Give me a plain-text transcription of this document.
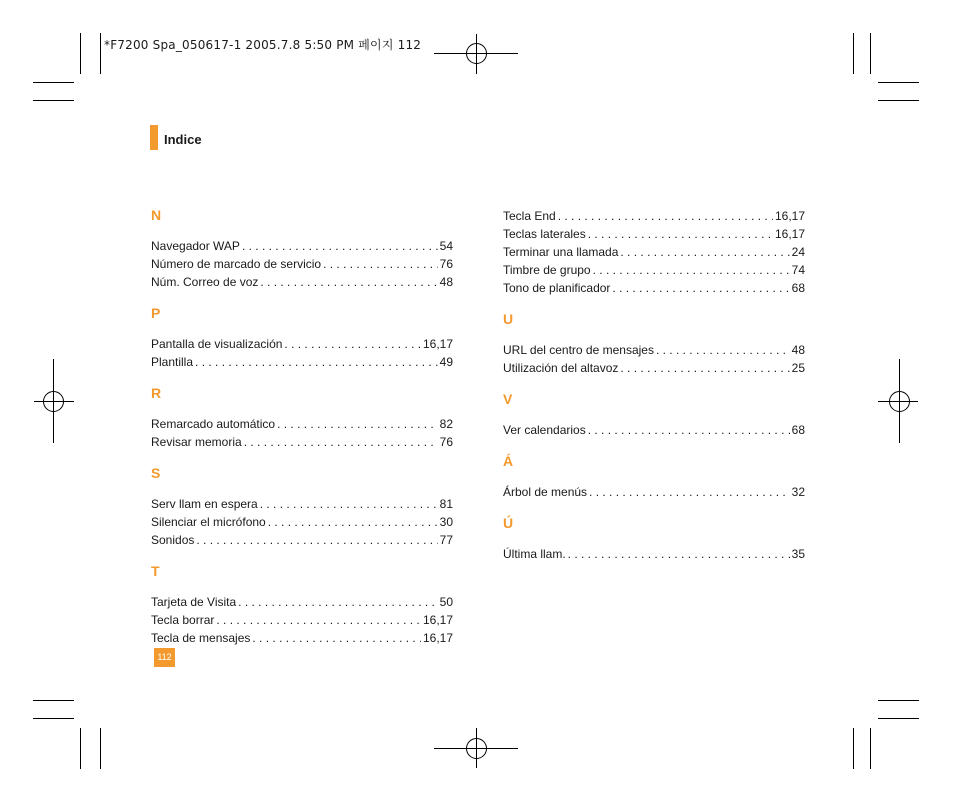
*F7200 Spa_050617-1 2005.7.8 5:50 PM 페이지 112
Indice
N
Navegador WAP . . .	54
Número de marcado de servicio . . .	76
Núm. Correo de voz . . .	48
P
Pantalla de visualización . . .	16,17
Plantilla . . .	49
R
Remarcado automático . . .	82
Revisar memoria . . .	76
S
Serv llam en espera . . .	81
Silenciar el micrófono . . .	30
Sonidos . . .	77
T
Tarjeta de Visita . . .	50
Tecla borrar . . .	16,17
Tecla de mensajes . . .	16,17
Tecla End . . .	16,17
Teclas laterales . . .	16,17
Terminar una llamada . . .	24
Timbre de grupo . . .	74
Tono de planificador . . .	68
U
URL del centro de mensajes . . .	48
Utilización del altavoz . . .	25
V
Ver calendarios . . .	68
Á
Árbol de menús . . .	32
Ú
Última llam. . . .	35
112
